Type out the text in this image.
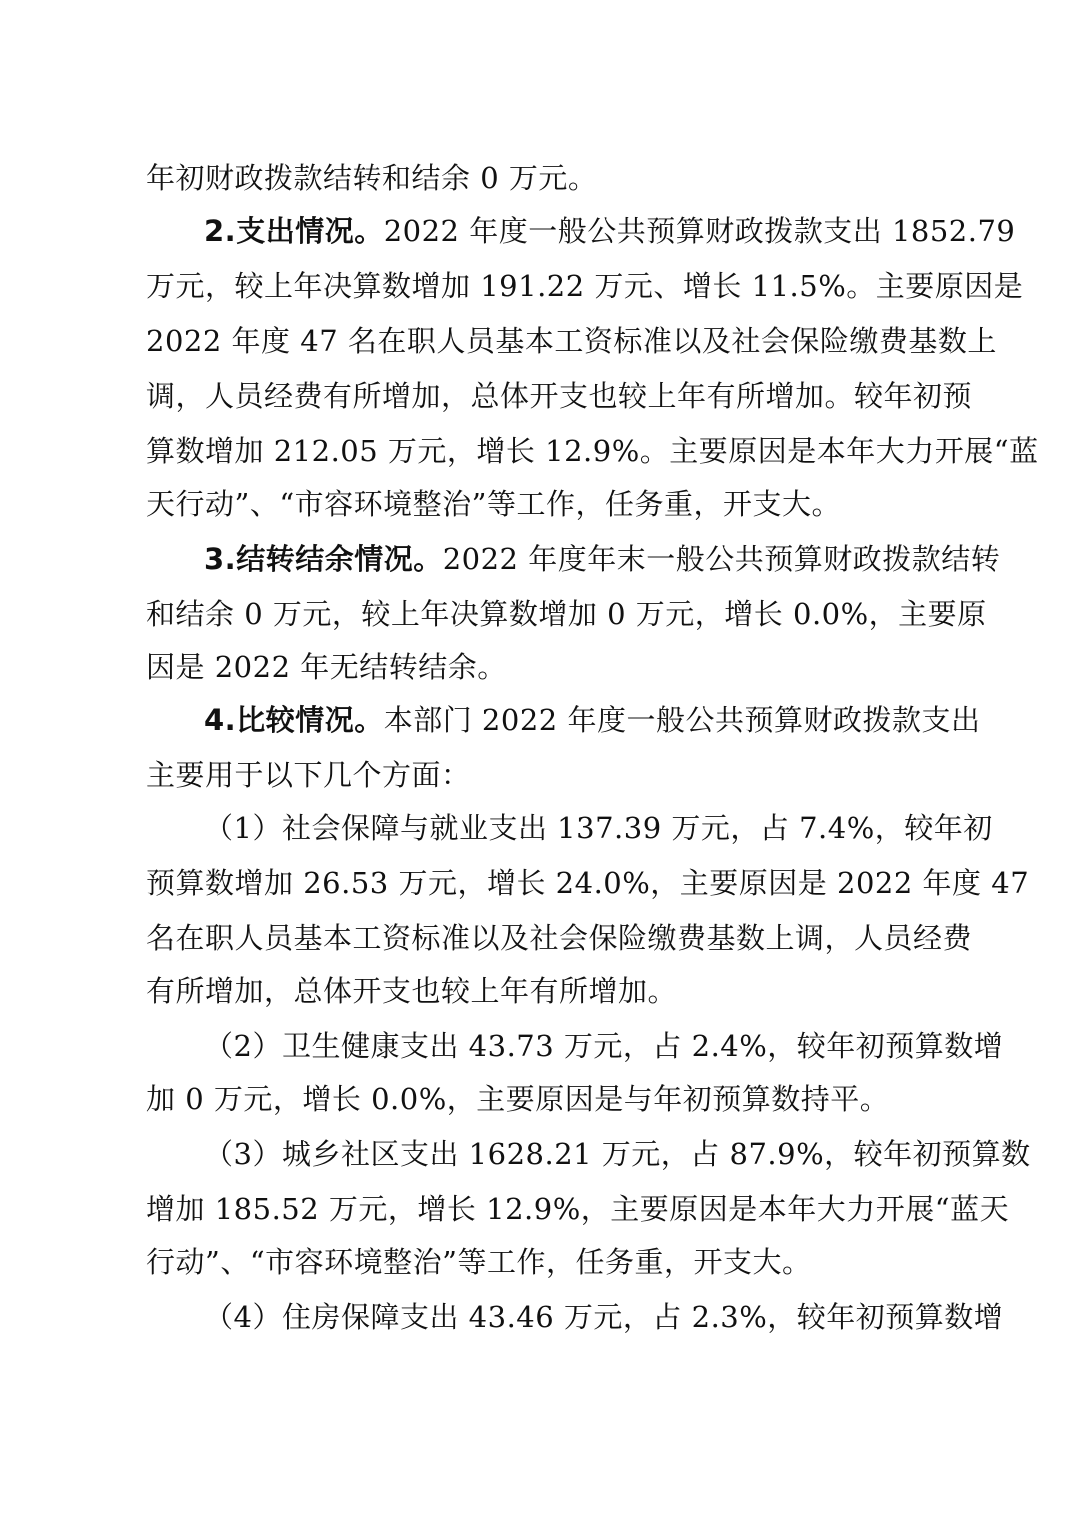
年初财政拨款结转和结余 0 万元。
2.支出情况。2022 年度一般公共预算财政拨款支出 1852.79
万元，较上年决算数增加 191.22 万元、增长 11.5%。主要原因是
2022 年度 47 名在职人员基本工资标准以及社会保险缴费基数上
调，人员经费有所增加，总体开支也较上年有所增加。较年初预
算数增加 212.05 万元，增长 12.9%。主要原因是本年大力开展“蓝
天行动”、“市容环境整治”等工作，任务重，开支大。
3.结转结余情况。2022 年度年末一般公共预算财政拨款结转
和结余 0 万元，较上年决算数增加 0 万元，增长 0.0%，主要原
因是 2022 年无结转结余。
4.比较情况。本部门 2022 年度一般公共预算财政拨款支出
主要用于以下几个方面：
（1）社会保障与就业支出 137.39 万元，占 7.4%，较年初
预算数增加 26.53 万元，增长 24.0%，主要原因是 2022 年度 47
名在职人员基本工资标准以及社会保险缴费基数上调，人员经费
有所增加，总体开支也较上年有所增加。
（2）卫生健康支出 43.73 万元，占 2.4%，较年初预算数增
加 0 万元，增长 0.0%，主要原因是与年初预算数持平。
（3）城乡社区支出 1628.21 万元，占 87.9%，较年初预算数
增加 185.52 万元，增长 12.9%，主要原因是本年大力开展“蓝天
行动”、“市容环境整治”等工作，任务重，开支大。
（4）住房保障支出 43.46 万元，占 2.3%，较年初预算数增
